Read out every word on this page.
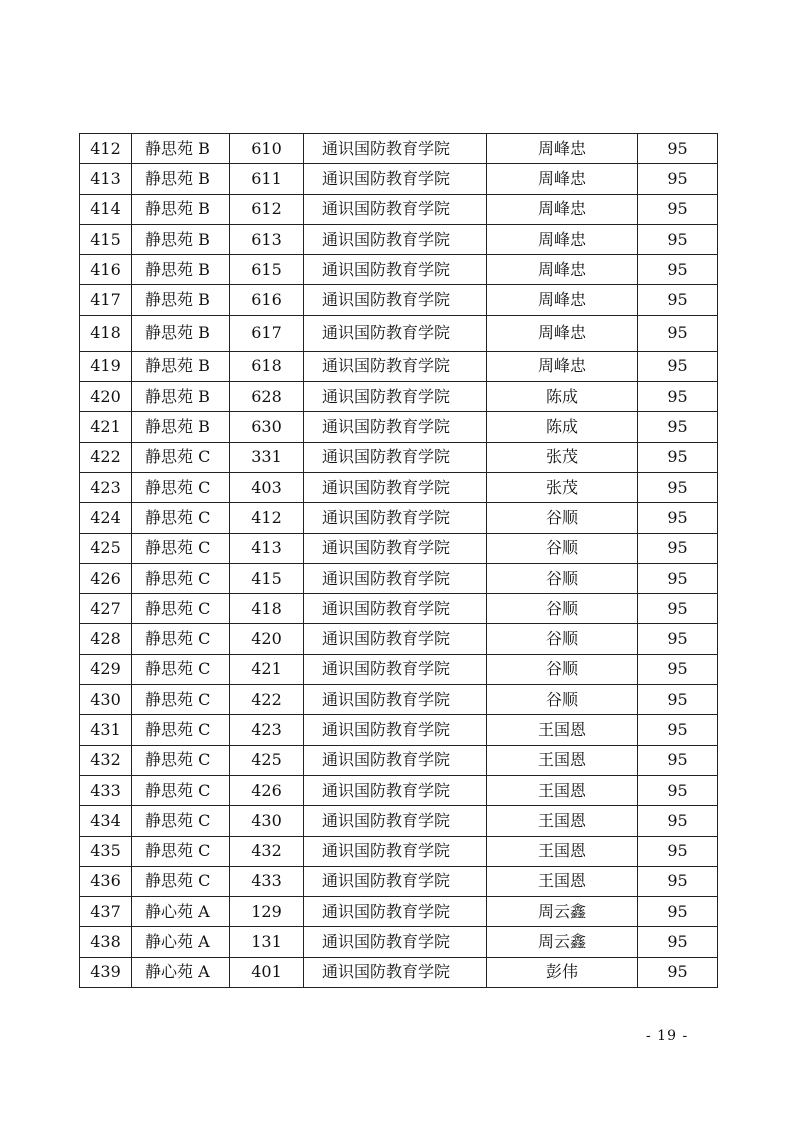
412	静思苑 B	610	通识国防教育学院	周峰忠	95
413	静思苑 B	611	通识国防教育学院	周峰忠	95
414	静思苑 B	612	通识国防教育学院	周峰忠	95
415	静思苑 B	613	通识国防教育学院	周峰忠	95
416	静思苑 B	615	通识国防教育学院	周峰忠	95
417	静思苑 B	616	通识国防教育学院	周峰忠	95
418	静思苑 B	617	通识国防教育学院	周峰忠	95
419	静思苑 B	618	通识国防教育学院	周峰忠	95
420	静思苑 B	628	通识国防教育学院	陈成	95
421	静思苑 B	630	通识国防教育学院	陈成	95
422	静思苑 C	331	通识国防教育学院	张茂	95
423	静思苑 C	403	通识国防教育学院	张茂	95
424	静思苑 C	412	通识国防教育学院	谷顺	95
425	静思苑 C	413	通识国防教育学院	谷顺	95
426	静思苑 C	415	通识国防教育学院	谷顺	95
427	静思苑 C	418	通识国防教育学院	谷顺	95
428	静思苑 C	420	通识国防教育学院	谷顺	95
429	静思苑 C	421	通识国防教育学院	谷顺	95
430	静思苑 C	422	通识国防教育学院	谷顺	95
431	静思苑 C	423	通识国防教育学院	王国恩	95
432	静思苑 C	425	通识国防教育学院	王国恩	95
433	静思苑 C	426	通识国防教育学院	王国恩	95
434	静思苑 C	430	通识国防教育学院	王国恩	95
435	静思苑 C	432	通识国防教育学院	王国恩	95
436	静思苑 C	433	通识国防教育学院	王国恩	95
437	静心苑 A	129	通识国防教育学院	周云鑫	95
438	静心苑 A	131	通识国防教育学院	周云鑫	95
439	静心苑 A	401	通识国防教育学院	彭伟	95
- 19 -
